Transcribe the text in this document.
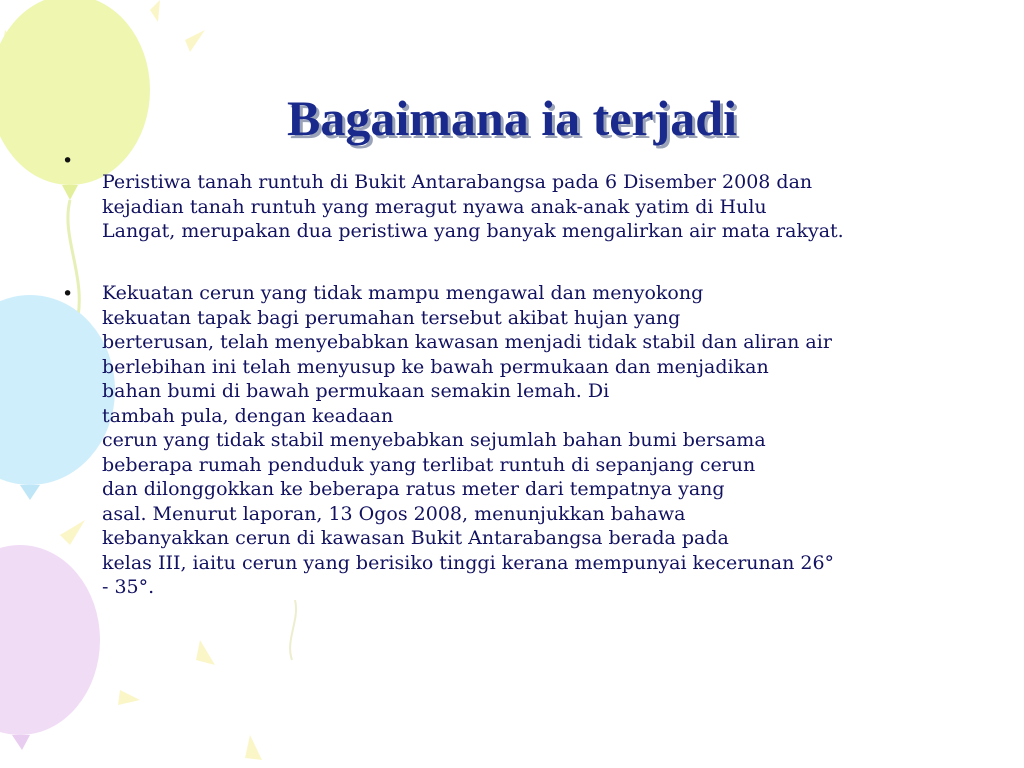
Bagaimana ia terjadi
•

Peristiwa tanah runtuh di Bukit Antarabangsa pada 6 Disember 2008 dan
kejadian tanah runtuh yang meragut nyawa anak-anak yatim di Hulu
Langat, merupakan dua peristiwa yang banyak mengalirkan air mata rakyat.

• Kekuatan cerun yang tidak mampu mengawal dan menyokong
kekuatan tapak bagi perumahan tersebut akibat hujan yang
berterusan, telah menyebabkan kawasan menjadi tidak stabil dan aliran air
berlebihan ini telah menyusup ke bawah permukaan dan menjadikan
bahan bumi di bawah permukaan semakin lemah. Di
tambah pula, dengan keadaan
cerun yang tidak stabil menyebabkan sejumlah bahan bumi bersama
beberapa rumah penduduk yang terlibat runtuh di sepanjang cerun
dan dilonggokkan ke beberapa ratus meter dari tempatnya yang
asal. Menurut laporan, 13 Ogos 2008, menunjukkan bahawa
kebanyakkan cerun di kawasan Bukit Antarabangsa berada pada
kelas III, iaitu cerun yang berisiko tinggi kerana mempunyai kecerunan 26°
- 35°.
